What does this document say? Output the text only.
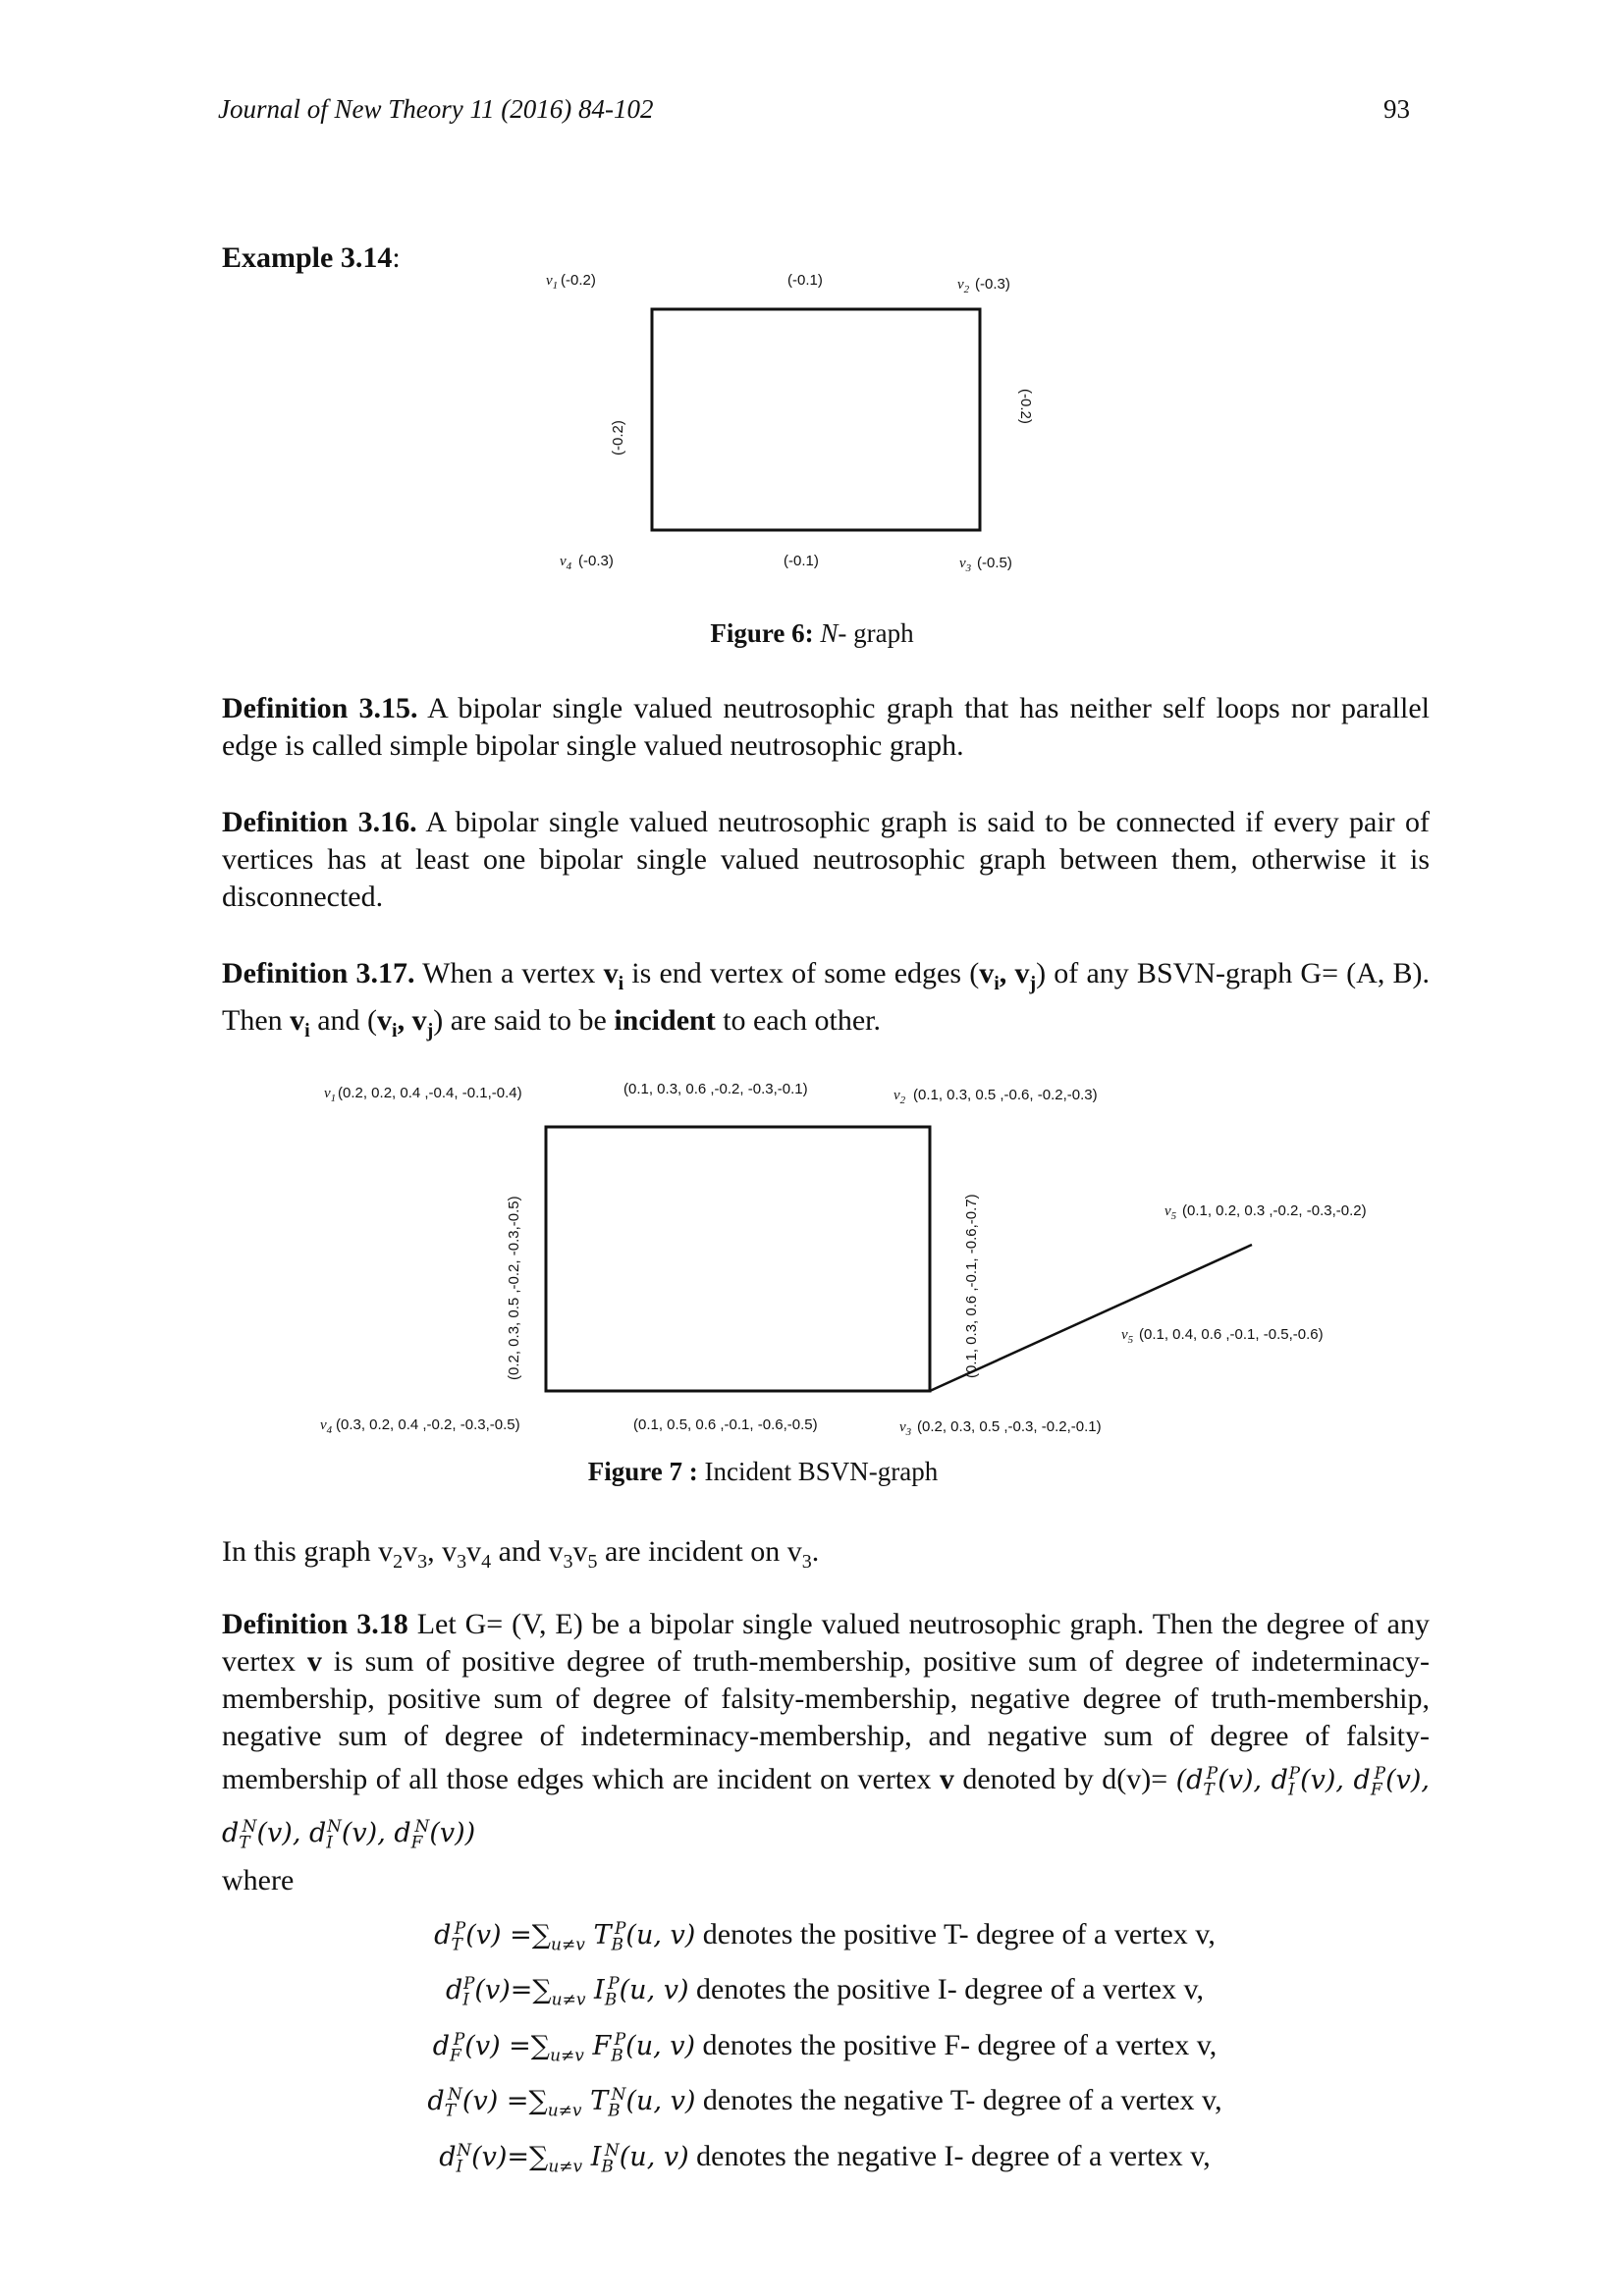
Journal of New Theory 11 (2016) 84-102	93
Example 3.14:
$v_1$ (-0.2)	(-0.1)	$v_2$ (-0.3)
(-0.2)
(-0.2)
$v_4$ (-0.3)	(-0.1)	$v_3$ (-0.5)
Figure 6: N- graph
Definition 3.15. A bipolar single valued neutrosophic graph that has neither self loops nor parallel edge is called simple bipolar single valued neutrosophic graph.
Definition 3.16. A bipolar single valued neutrosophic graph is said to be connected if every pair of vertices has at least one bipolar single valued neutrosophic graph between them, otherwise it is disconnected.
Definition 3.17. When a vertex $v_i$ is end vertex of some edges ($v_i$, $v_j$) of any BSVN-graph G= (A, B). Then $v_i$ and ($v_i$, $v_j$) are said to be incident to each other.
$v_1$ (0.2, 0.2, 0.4 ,-0.4, -0.1,-0.4)	(0.1, 0.3, 0.6 ,-0.2, -0.3,-0.1)	$v_2$ (0.1, 0.3, 0.5 ,-0.6, -0.2,-0.3)
(0.2, 0.3, 0.5 ,-0.2, -0.3,-0.5)	(0.1, 0.3, 0.6 ,-0.1, -0.6,-0.7)	$v_5$ (0.1, 0.2, 0.3 ,-0.2, -0.3,-0.2)
$v_5$ (0.1, 0.4, 0.6 ,-0.1, -0.5,-0.6)
$v_4$ (0.3, 0.2, 0.4 ,-0.2, -0.3,-0.5)	(0.1, 0.5, 0.6 ,-0.1, -0.6,-0.5)	$v_3$ (0.2, 0.3, 0.5 ,-0.3, -0.2,-0.1)
Figure 7 : Incident BSVN-graph
In this graph $v_2v_3$, $v_3v_4$ and $v_3v_5$ are incident on $v_3$.
Definition 3.18 Let G= (V, E) be a bipolar single valued neutrosophic graph. Then the degree of any vertex v is sum of positive degree of truth-membership, positive sum of degree of indeterminacy-membership, positive sum of degree of falsity-membership, negative degree of truth-membership, negative sum of degree of indeterminacy-membership, and negative sum of degree of falsity-membership of all those edges which are incident on vertex v denoted by $d(v)= (d_T^P(v)$, $d_I^P(v)$, $d_F^P(v)$, $d_T^N(v)$, $d_I^N(v)$, $d_F^N(v)$)
where
$d_T^P(v) =\sum_{u\ne v}$ $T_B^P(u$, v) denotes the positive T- degree of a vertex v,
$d_I^P(v)=\sum_{u\ne v}$ $I_B^P(u$, v) denotes the positive I- degree of a vertex v,
$d_F^P(v) =\sum_{u\ne v}$ $F_B^P(u$, v) denotes the positive F- degree of a vertex v,
$d_T^N(v) =\sum_{u\ne v}$ $T_B^N(u$, v) denotes the negative T- degree of a vertex v,
$d_I^N(v)=\sum_{u\ne v}$ $I_B^N(u$, v) denotes the negative I- degree of a vertex v,
